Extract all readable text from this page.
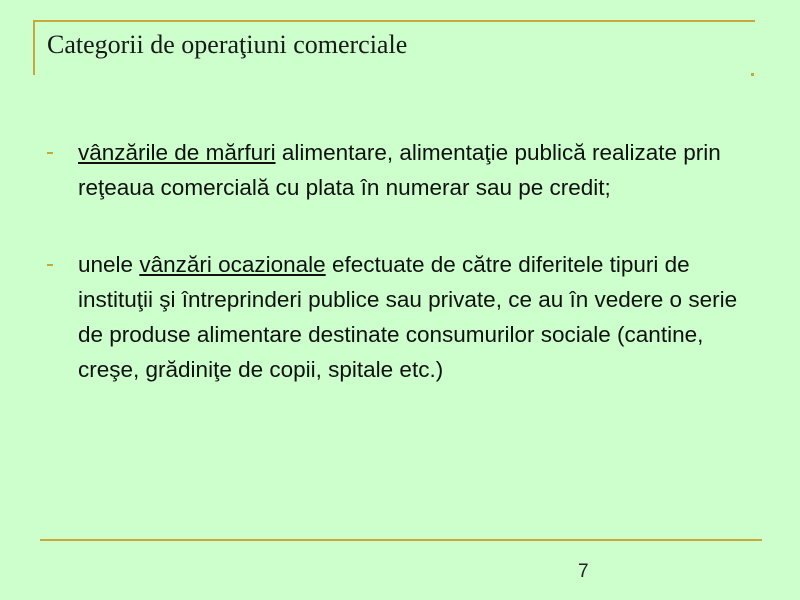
Categorii de operaţiuni comerciale
vânzările de mărfuri alimentare, alimentaţie publică realizate prin reţeaua comercială cu plata în numerar sau pe credit;
unele vânzări ocazionale efectuate de către diferitele tipuri de instituţii şi întreprinderi publice sau private, ce au în vedere o serie de produse alimentare destinate consumurilor sociale (cantine, creşe, grădiniţe de copii, spitale etc.)
7
